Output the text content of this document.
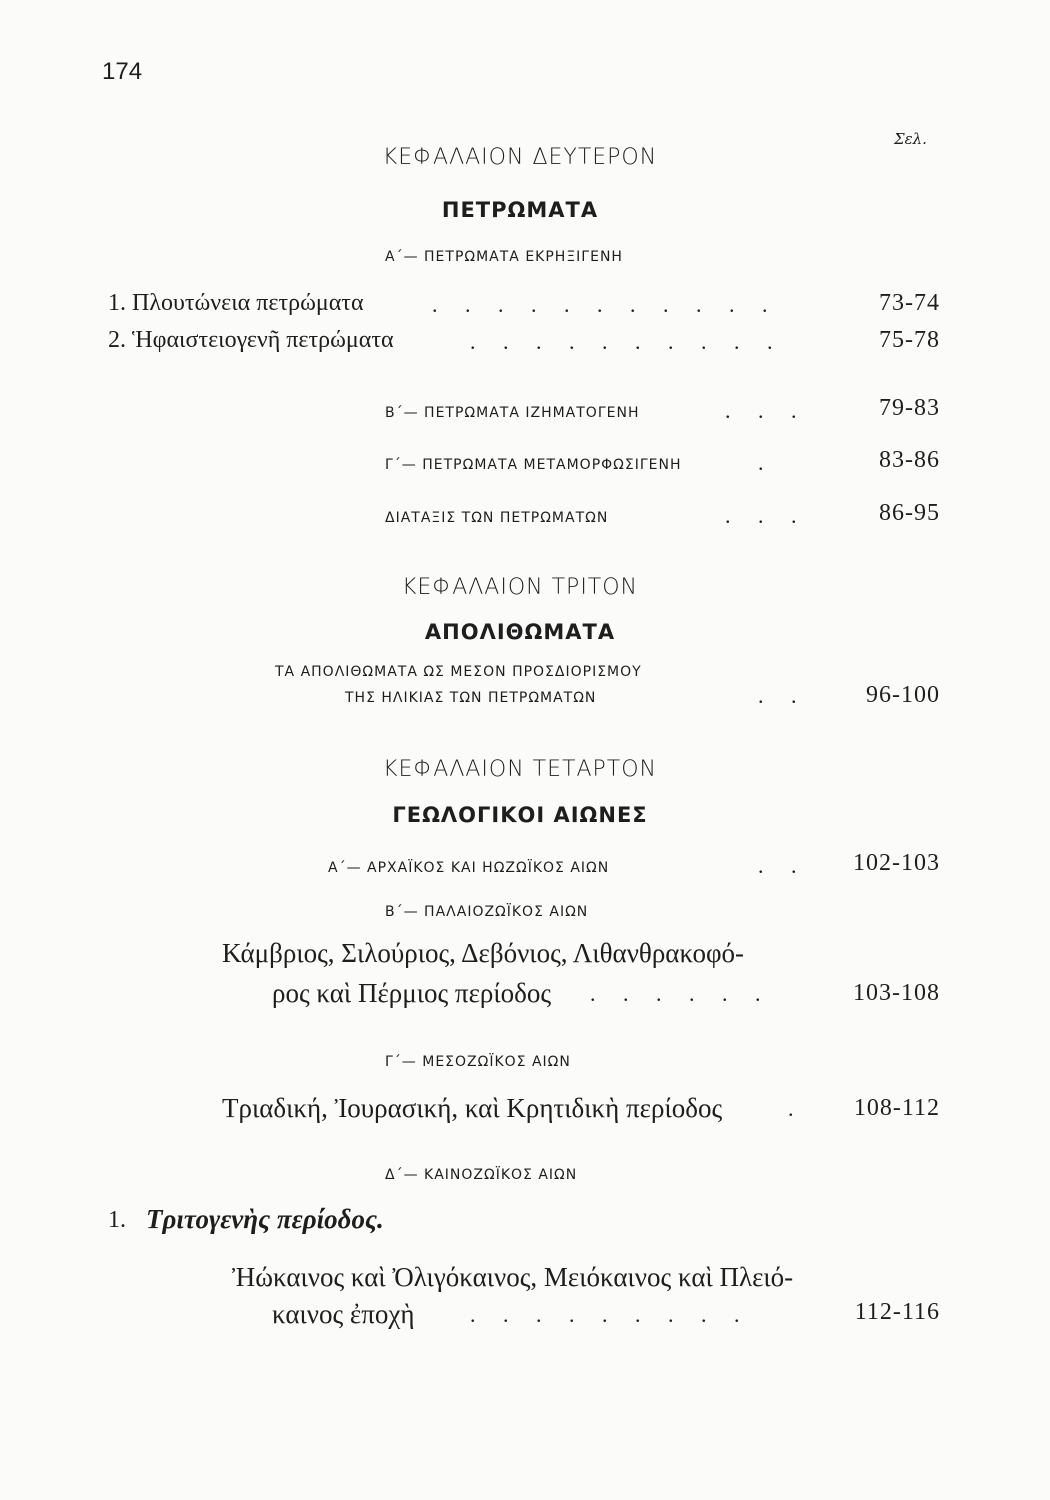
174
Σελ.
ΚΕΦΑΛΑΙΟΝ ΔΕΥΤΕΡΟΝ
ΠΕΤΡΩΜΑΤΑ
Α΄— ΠΕΤΡΩΜΑΤΑ ΕΚΡΗΞΙΓΕΝΗ
1. Πλουτώνεια πετρώματα	. . . . . . . . . . .	73-74
2. Ἡφαιστειογενῆ πετρώματα	. . . . . . . . . .	75-78
Β΄— ΠΕΤΡΩΜΑΤΑ ΙΖΗΜΑΤΟΓΕΝΗ	. . .	79-83
Γ΄— ΠΕΤΡΩΜΑΤΑ ΜΕΤΑΜΟΡΦΩΣΙΓΕΝΗ	.	83-86
ΔΙΑΤΑΞΙΣ ΤΩΝ ΠΕΤΡΩΜΑΤΩΝ	. . .	86-95
ΚΕΦΑΛΑΙΟΝ ΤΡΙΤΟΝ
ΑΠΟΛΙΘΩΜΑΤΑ
ΤΑ ΑΠΟΛΙΘΩΜΑΤΑ ΩΣ ΜΕΣΟΝ ΠΡΟΣΔΙΟΡΙΣΜΟΥ
ΤΗΣ ΗΛΙΚΙΑΣ ΤΩΝ ΠΕΤΡΩΜΑΤΩΝ	. .	96-100
ΚΕΦΑΛΑΙΟΝ ΤΕΤΑΡΤΟΝ
ΓΕΩΛΟΓΙΚΟΙ ΑΙΩΝΕΣ
Α΄— ΑΡΧΑΪΚΟΣ ΚΑΙ ΗΩΖΩΪΚΟΣ ΑΙΩΝ	. .	102-103
Β΄— ΠΑΛΑΙΟΖΩΪΚΟΣ ΑΙΩΝ
Κάμβριος, Σιλούριος, Δεβόνιος, Λιθανθρακοφό-
ρος καὶ Πέρμιος περίοδος . . . . . .	103-108
Γ΄— ΜΕΣΟΖΩΪΚΟΣ ΑΙΩΝ
Τριαδική, Ἰουρασική, καὶ Κρητιδικὴ περίοδος	.	108-112
Δ΄— ΚΑΙΝΟΖΩΪΚΟΣ ΑΙΩΝ
1. Τριτογενὴς περίοδος.
Ἠώκαινος καὶ Ὀλιγόκαινος, Μειόκαινος καὶ Πλειό-
καινος ἐποχὴ	. . . . . . . . .	112-116
